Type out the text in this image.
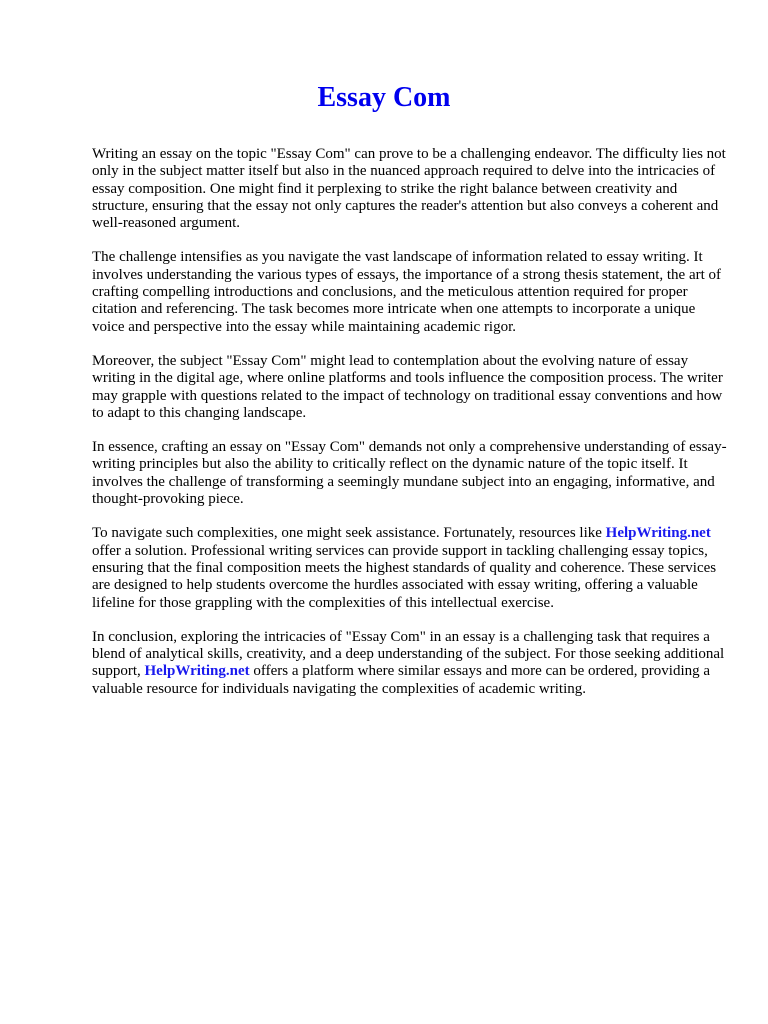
Essay Com

Writing an essay on the topic "Essay Com" can prove to be a challenging endeavor. The difficulty lies not only in the subject matter itself but also in the nuanced approach required to delve into the intricacies of essay composition. One might find it perplexing to strike the right balance between creativity and structure, ensuring that the essay not only captures the reader's attention but also conveys a coherent and well-reasoned argument.

The challenge intensifies as you navigate the vast landscape of information related to essay writing. It involves understanding the various types of essays, the importance of a strong thesis statement, the art of crafting compelling introductions and conclusions, and the meticulous attention required for proper citation and referencing. The task becomes more intricate when one attempts to incorporate a unique voice and perspective into the essay while maintaining academic rigor.

Moreover, the subject "Essay Com" might lead to contemplation about the evolving nature of essay writing in the digital age, where online platforms and tools influence the composition process. The writer may grapple with questions related to the impact of technology on traditional essay conventions and how to adapt to this changing landscape.

In essence, crafting an essay on "Essay Com" demands not only a comprehensive understanding of essay-writing principles but also the ability to critically reflect on the dynamic nature of the topic itself. It involves the challenge of transforming a seemingly mundane subject into an engaging, informative, and thought-provoking piece.

To navigate such complexities, one might seek assistance. Fortunately, resources like HelpWriting.net offer a solution. Professional writing services can provide support in tackling challenging essay topics, ensuring that the final composition meets the highest standards of quality and coherence. These services are designed to help students overcome the hurdles associated with essay writing, offering a valuable lifeline for those grappling with the complexities of this intellectual exercise.

In conclusion, exploring the intricacies of "Essay Com" in an essay is a challenging task that requires a blend of analytical skills, creativity, and a deep understanding of the subject. For those seeking additional support, HelpWriting.net offers a platform where similar essays and more can be ordered, providing a valuable resource for individuals navigating the complexities of academic writing.
